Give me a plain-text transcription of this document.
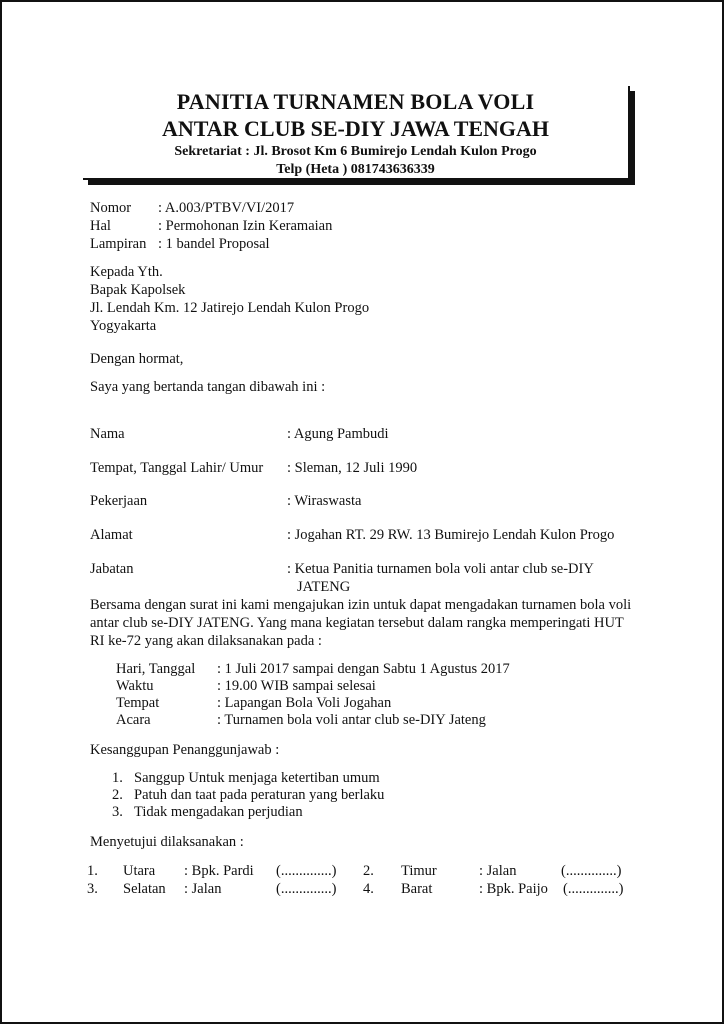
PANITIA TURNAMEN BOLA VOLI
ANTAR CLUB SE-DIY JAWA TENGAH
Sekretariat : Jl. Brosot Km 6 Bumirejo Lendah Kulon Progo
Telp (Heta ) 081743636339
Nomor : A.003/PTBV/VI/2017
Hal	: Permohonan Izin Keramaian
Lampiran : 1 bandel Proposal
Kepada Yth.
Bapak Kapolsek
Jl. Lendah Km. 12 Jatirejo Lendah Kulon Progo
Yogyakarta
Dengan hormat,
Saya yang bertanda tangan dibawah ini :
Nama	: Agung Pambudi
Tempat, Tanggal Lahir/ Umur : Sleman, 12 Juli 1990
Pekerjaan	: Wiraswasta
Alamat	: Jogahan RT. 29 RW. 13 Bumirejo Lendah Kulon Progo
Jabatan	: Ketua Panitia turnamen bola voli antar club se-DIY
JATENG
Bersama dengan surat ini kami mengajukan izin untuk dapat mengadakan turnamen bola voli
antar club se-DIY JATENG. Yang mana kegiatan tersebut dalam rangka memperingati HUT
RI ke-72 yang akan dilaksanakan pada :
Hari, Tanggal : 1 Juli 2017 sampai dengan Sabtu 1 Agustus 2017
Waktu	: 19.00 WIB sampai selesai
Tempat	: Lapangan Bola Voli Jogahan
Acara	: Turnamen bola voli antar club se-DIY Jateng
Kesanggupan Penanggunjawab :
1. Sanggup Untuk menjaga ketertiban umum
2. Patuh dan taat pada peraturan yang berlaku
3. Tidak mengadakan perjudian
Menyetujui dilaksanakan :
1. Utara : Bpk. Pardi (..............) 2. Timur	: Jalan	(..............)
3. Selatan : Jalan	(..............) 4. Barat	: Bpk. Paijo (..............)
